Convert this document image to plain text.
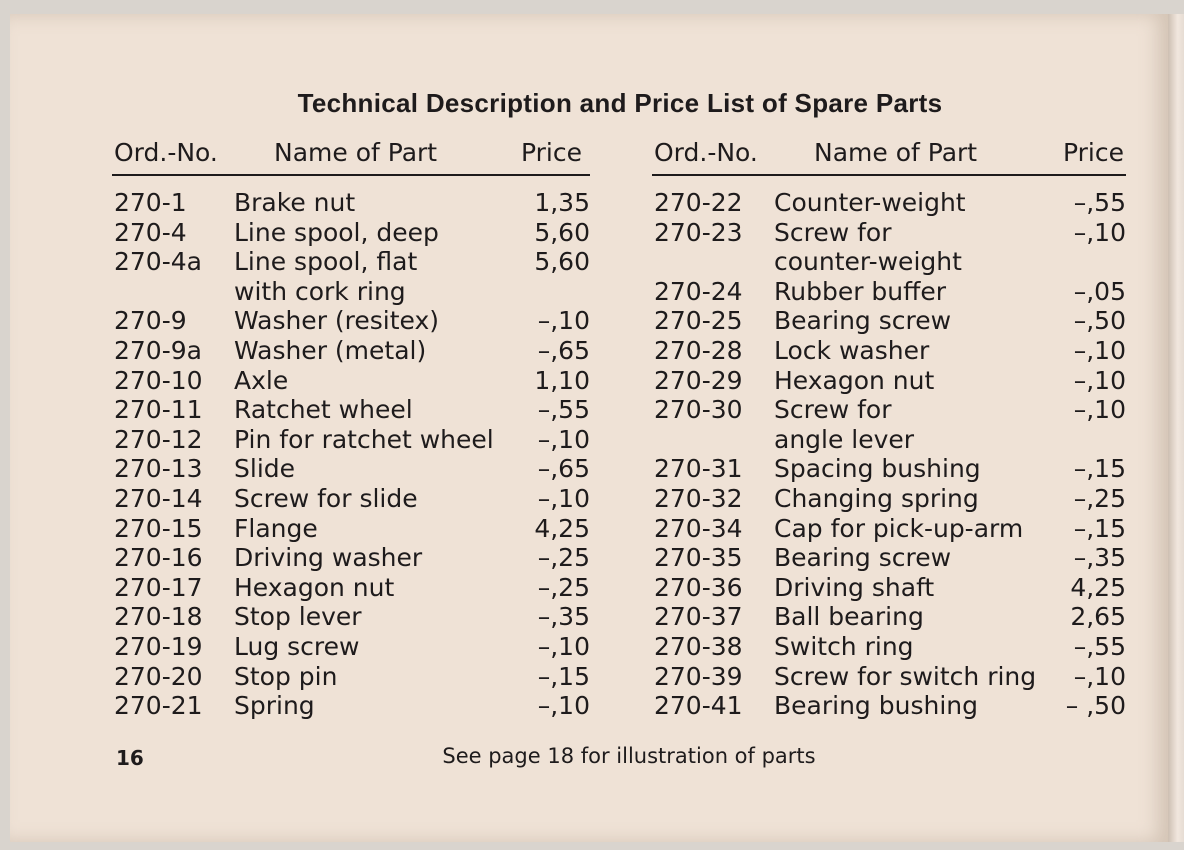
Technical Description and Price List of Spare Parts
Ord.-No. Name of Part	Price
270-1 Brake nut	1,35
270-4 Line spool, deep	5,60
270-4a Line spool, flat	5,60
with cork ring
270-9 Washer (resitex)	–,10
270-9a Washer (metal)	–,65
270-10 Axle	1,10
270-11 Ratchet wheel	–,55
270-12 Pin for ratchet wheel –,10
270-13 Slide	–,65
270-14 Screw for slide	–,10
270-15 Flange	4,25
270-16 Driving washer	–,25
270-17 Hexagon nut	–,25
270-18 Stop lever	–,35
270-19 Lug screw	–,10
270-20 Stop pin	–,15
270-21 Spring	–,10
Ord.-No. Name of Part	Price
270-22 Counter-weight	–,55
270-23 Screw for	–,10
counter-weight
270-24 Rubber buffer	–,05
270-25 Bearing screw	–,50
270-28 Lock washer	–,10
270-29 Hexagon nut	–,10
270-30 Screw for	–,10
angle lever
270-31 Spacing bushing	–,15
270-32 Changing spring	–,25
270-34 Cap for pick-up-arm –,15
270-35 Bearing screw	–,35
270-36 Driving shaft	4,25
270-37 Ball bearing	2,65
270-38 Switch ring	–,55
270-39 Screw for switch ring –,10
270-41 Bearing bushing	– ,50
16	See page 18 for illustration of parts
